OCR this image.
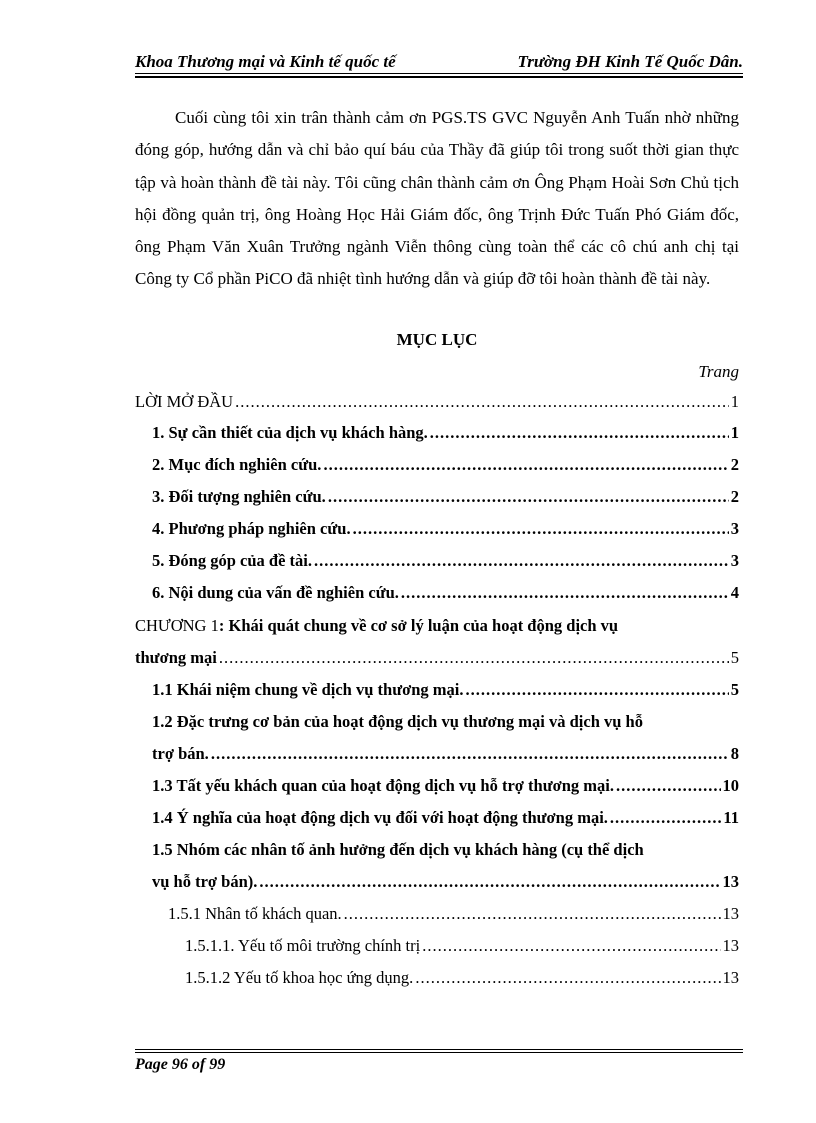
Khoa Thương mại và Kinh tế quốc tế	Trường ĐH Kinh Tế Quốc Dân.

Cuối cùng tôi xin trân thành cảm ơn PGS.TS GVC Nguyễn Anh Tuấn nhờ những đóng góp, hướng dẫn và chỉ bảo quí báu của Thầy đã giúp tôi trong suốt thời gian thực tập và hoàn thành đề tài này. Tôi cũng chân thành cảm ơn Ông Phạm Hoài Sơn Chủ tịch hội đồng quản trị, ông Hoàng Học Hải Giám đốc, ông Trịnh Đức Tuấn Phó Giám đốc, ông Phạm Văn Xuân Trưởng ngành Viễn thông cùng toàn thể các cô chú anh chị tại Công ty Cổ phần PiCO đã nhiệt tình hướng dẫn và giúp đỡ tôi hoàn thành đề tài này.

MỤC LỤC
Trang
LỜI MỞ ĐẦU .....	1
1. Sự cần thiết của dịch vụ khách hàng. .....	1
2. Mục đích nghiên cứu. .....	2
3. Đối tượng nghiên cứu. .....	2
4. Phương pháp nghiên cứu. .....	3
5. Đóng góp của đề tài. .....	3
6. Nội dung của vấn đề nghiên cứu. .....	4
CHƯƠNG 1: Khái quát chung về cơ sở lý luận của hoạt động dịch vụ
thương mại .....	5
1.1 Khái niệm chung về dịch vụ thương mại. .....	5
1.2 Đặc trưng cơ bản của hoạt động dịch vụ thương mại và dịch vụ hỗ
trợ bán. .....	8
1.3 Tất yếu khách quan của hoạt động dịch vụ hỗ trợ thương mại. .....	10
1.4 Ý nghĩa của hoạt động dịch vụ đối với hoạt động thương mại. .....	11
1.5 Nhóm các nhân tố ảnh hưởng đến dịch vụ khách hàng (cụ thể dịch
vụ hỗ trợ bán). .....	13
1.5.1 Nhân tố khách quan. .....	13
1.5.1.1. Yếu tố môi trường chính trị .....	13
1.5.1.2 Yếu tố khoa học ứng dụng. .....	13
Page 96 of 99
